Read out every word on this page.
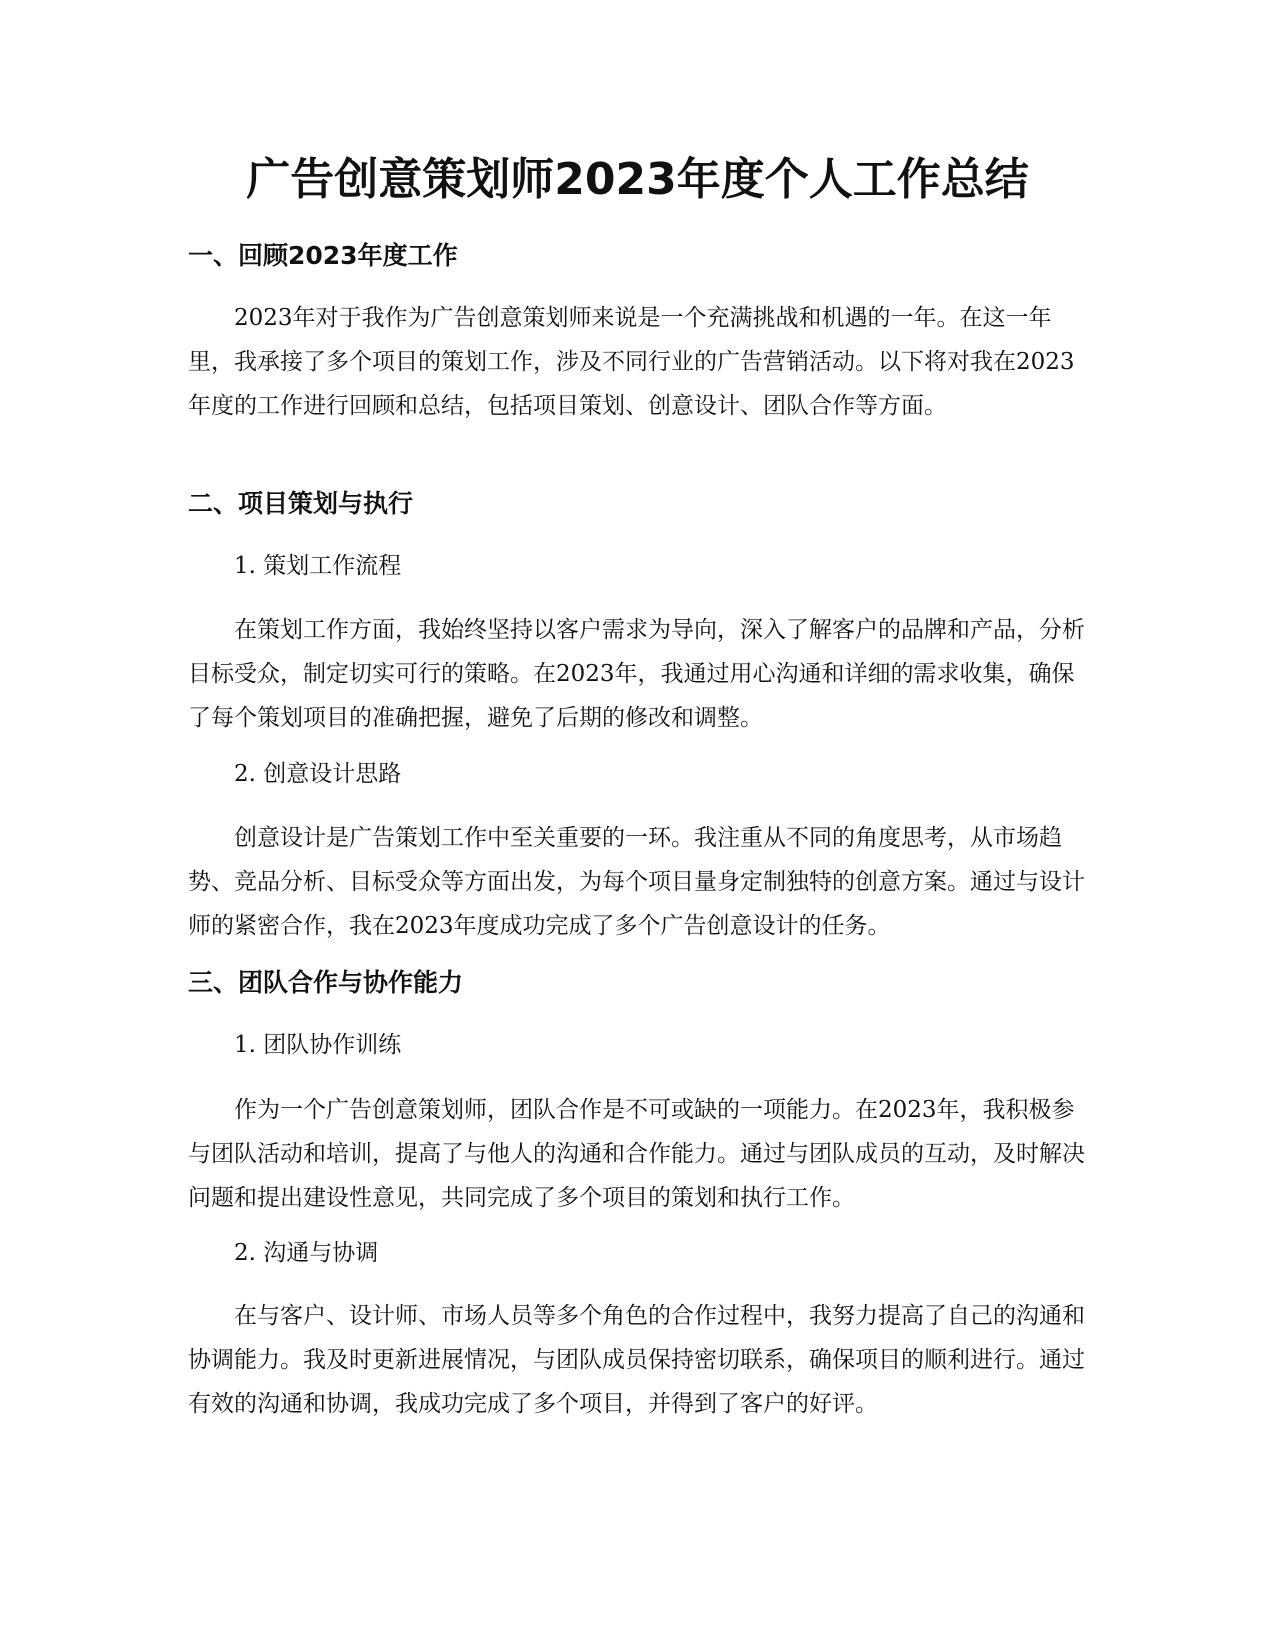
广告创意策划师2023年度个人工作总结
一、回顾2023年度工作

2023年对于我作为广告创意策划师来说是一个充满挑战和机遇的一年。在这一年里，我承接了多个项目的策划工作，涉及不同行业的广告营销活动。以下将对我在2023年度的工作进行回顾和总结，包括项目策划、创意设计、团队合作等方面。

二、项目策划与执行

1. 策划工作流程

在策划工作方面，我始终坚持以客户需求为导向，深入了解客户的品牌和产品，分析目标受众，制定切实可行的策略。在2023年，我通过用心沟通和详细的需求收集，确保了每个策划项目的准确把握，避免了后期的修改和调整。

2. 创意设计思路

创意设计是广告策划工作中至关重要的一环。我注重从不同的角度思考，从市场趋势、竞品分析、目标受众等方面出发，为每个项目量身定制独特的创意方案。通过与设计师的紧密合作，我在2023年度成功完成了多个广告创意设计的任务。

三、团队合作与协作能力

1. 团队协作训练

作为一个广告创意策划师，团队合作是不可或缺的一项能力。在2023年，我积极参与团队活动和培训，提高了与他人的沟通和合作能力。通过与团队成员的互动，及时解决问题和提出建设性意见，共同完成了多个项目的策划和执行工作。

2. 沟通与协调

在与客户、设计师、市场人员等多个角色的合作过程中，我努力提高了自己的沟通和协调能力。我及时更新进展情况，与团队成员保持密切联系，确保项目的顺利进行。通过有效的沟通和协调，我成功完成了多个项目，并得到了客户的好评。
